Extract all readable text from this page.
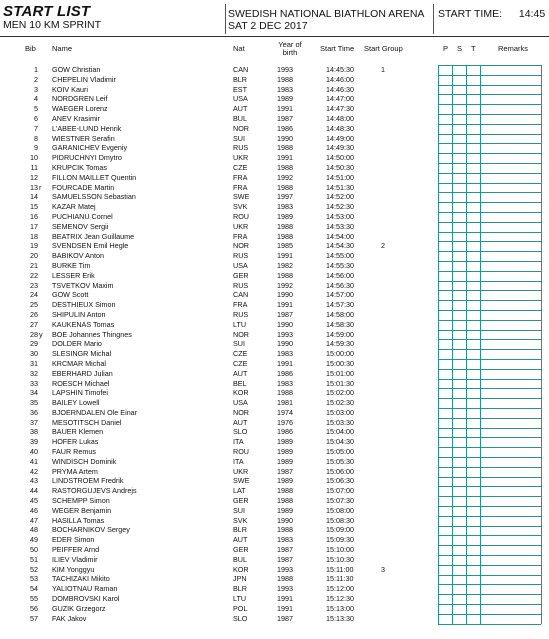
START LIST
MEN 10 KM SPRINT
SWEDISH NATIONAL BIATHLON ARENA
SAT 2 DEC 2017
START TIME: 14:45
Bib Name	Nat	Year of birth	Start Time Start Group	P S T	Remarks
1 GOW Christian	CAN	1993	14:45:30	1
2 CHEPELIN Vladimir	BLR	1988	14:46:00
3 KOIV Kauri	EST	1983	14:46:30
4 NORDGREN Leif	USA	1989	14:47:00
5 WAEGER Lorenz	AUT	1991	14:47:30
6 ANEV Krasimir	BUL	1987	14:48:00
7 L'ABEE-LUND Henrik	NOR	1986	14:48:30
8 WIESTNER Serafin	SUI	1990	14:49:00
9 GARANICHEV Evgeniy	RUS	1988	14:49:30
10 PIDRUCHNYI Dmytro	UKR	1991	14:50:00
11 KRUPCIK Tomas	CZE	1988	14:50:30
12 FILLON MAILLET Quentin	FRA	1992	14:51:00
13 r	FOURCADE Martin	FRA	1988	14:51:30
14 SAMUELSSON Sebastian	SWE	1997	14:52:00
15 KAZAR Matej	SVK	1983	14:52:30
16 PUCHIANU Cornel	ROU	1989	14:53:00
17 SEMENOV Sergii	UKR	1988	14:53:30
18 BEATRIX Jean Guillaume	FRA	1988	14:54:00
19 SVENDSEN Emil Hegle	NOR	1985	14:54:30	2
20 BABIKOV Anton	RUS	1991	14:55:00
21 BURKE Tim	USA	1982	14:55:30
22 LESSER Erik	GER	1988	14:56:00
23 TSVETKOV Maxim	RUS	1992	14:56:30
24 GOW Scott	CAN	1990	14:57:00
25 DESTHIEUX Simon	FRA	1991	14:57:30
26 SHIPULIN Anton	RUS	1987	14:58:00
27 KAUKENAS Tomas	LTU	1990	14:58:30
28 y	BOE Johannes Thingnes	NOR	1993	14:59:00
29 DOLDER Mario	SUI	1990	14:59:30
30 SLESINGR Michal	CZE	1983	15:00:00
31 KRCMAR Michal	CZE	1991	15:00:30
32 EBERHARD Julian	AUT	1986	15:01:00
33 ROESCH Michael	BEL	1983	15:01:30
34 LAPSHIN Timofei	KOR	1988	15:02:00
35 BAILEY Lowell	USA	1981	15:02:30
36 BJOERNDALEN Ole Einar	NOR	1974	15:03:00
37 MESOTITSCH Daniel	AUT	1976	15:03:30
38 BAUER Klemen	SLO	1986	15:04:00
39 HOFER Lukas	ITA	1989	15:04:30
40 FAUR Remus	ROU	1989	15:05:00
41 WINDISCH Dominik	ITA	1989	15:05:30
42 PRYMA Artem	UKR	1987	15:06:00
43 LINDSTROEM Fredrik	SWE	1989	15:06:30
44 RASTORGUJEVS Andrejs	LAT	1988	15:07:00
45 SCHEMPP Simon	GER	1988	15:07:30
46 WEGER Benjamin	SUI	1989	15:08:00
47 HASILLA Tomas	SVK	1990	15:08:30
48 BOCHARNIKOV Sergey	BLR	1988	15:09:00
49 EDER Simon	AUT	1983	15:09:30
50 PEIFFER Arnd	GER	1987	15:10:00
51 ILIEV Vladimir	BUL	1987	15:10:30
52 KIM Yonggyu	KOR	1993	15:11:00	3
53 TACHIZAKI Mikito	JPN	1988	15:11:30
54 YALIOTNAU Raman	BLR	1993	15:12:00
55 DOMBROVSKI Karol	LTU	1991	15:12:30
56 GUZIK Grzegorz	POL	1991	15:13:00
57 FAK Jakov	SLO	1987	15:13:30
